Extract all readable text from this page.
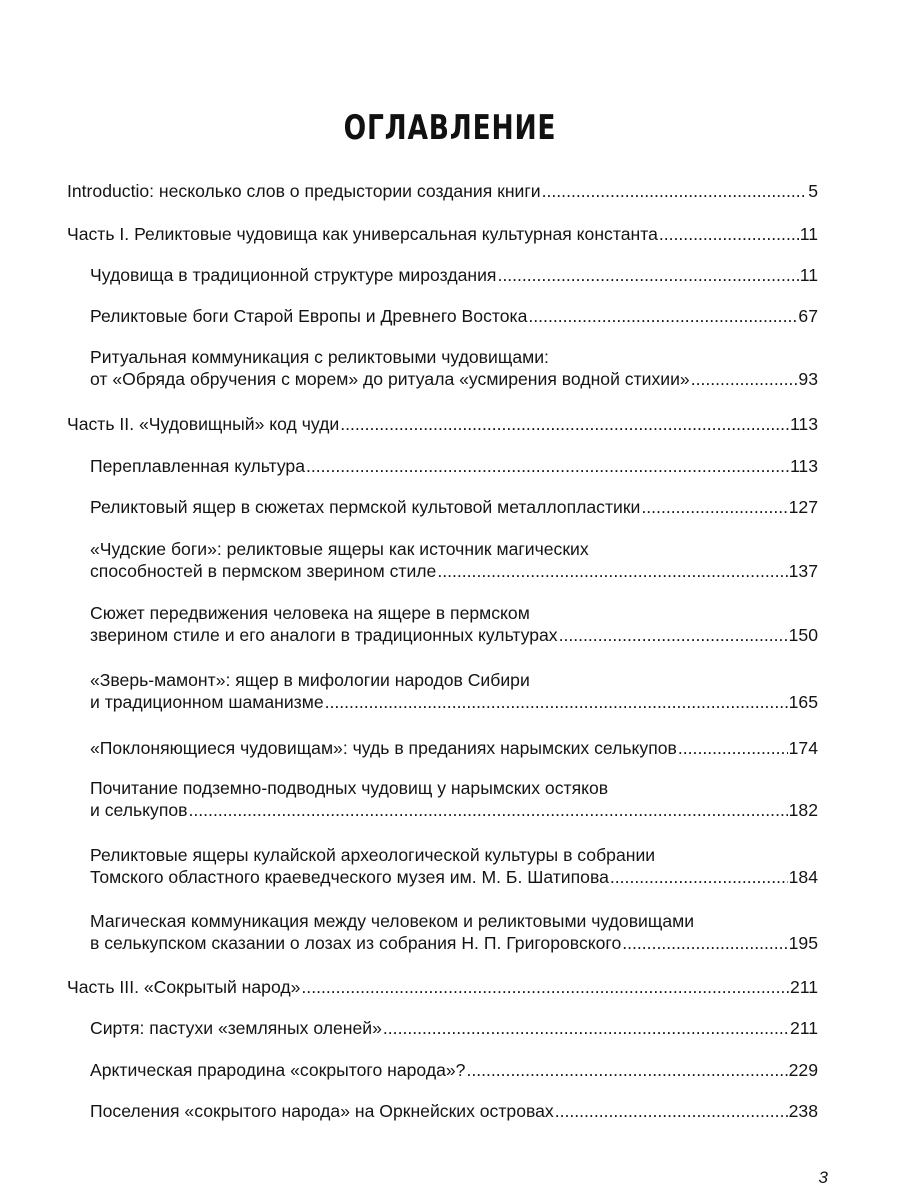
ОГЛАВЛЕНИЕ
Introductio: несколько слов о предыстории создания книги .....	5
Часть I. Реликтовые чудовища как универсальная культурная константа .....	11
Чудовища в традиционной структуре мироздания .....	11
Реликтовые боги Старой Европы и Древнего Востока .....	67
Ритуальная коммуникация с реликтовыми чудовищами:
от «Обряда обручения с морем» до ритуала «усмирения водной стихии» .....	93
Часть II. «Чудовищный» код чуди .....	113
Переплавленная культура .....	113
Реликтовый ящер в сюжетах пермской культовой металлопластики .....	127
«Чудские боги»: реликтовые ящеры как источник магических
способностей в пермском зверином стиле .....	137
Сюжет передвижения человека на ящере в пермском
зверином стиле и его аналоги в традиционных культурах .....	150
«Зверь-мамонт»: ящер в мифологии народов Сибири
и традиционном шаманизме .....	165
«Поклоняющиеся чудовищам»: чудь в преданиях нарымских селькупов .....	174
Почитание подземно-подводных чудовищ у нарымских остяков
и селькупов .....	182
Реликтовые ящеры кулайской археологической культуры в собрании
Томского областного краеведческого музея им. М. Б. Шатипова .....	184
Магическая коммуникация между человеком и реликтовыми чудовищами
в селькупском сказании о лозах из собрания Н. П. Григоровского .....	195
Часть III. «Сокрытый народ» .....	211
Сиртя: пастухи «земляных оленей» .....	211
Арктическая прародина «сокрытого народа»? .....	229
Поселения «сокрытого народа» на Оркнейских островах .....	238
3
